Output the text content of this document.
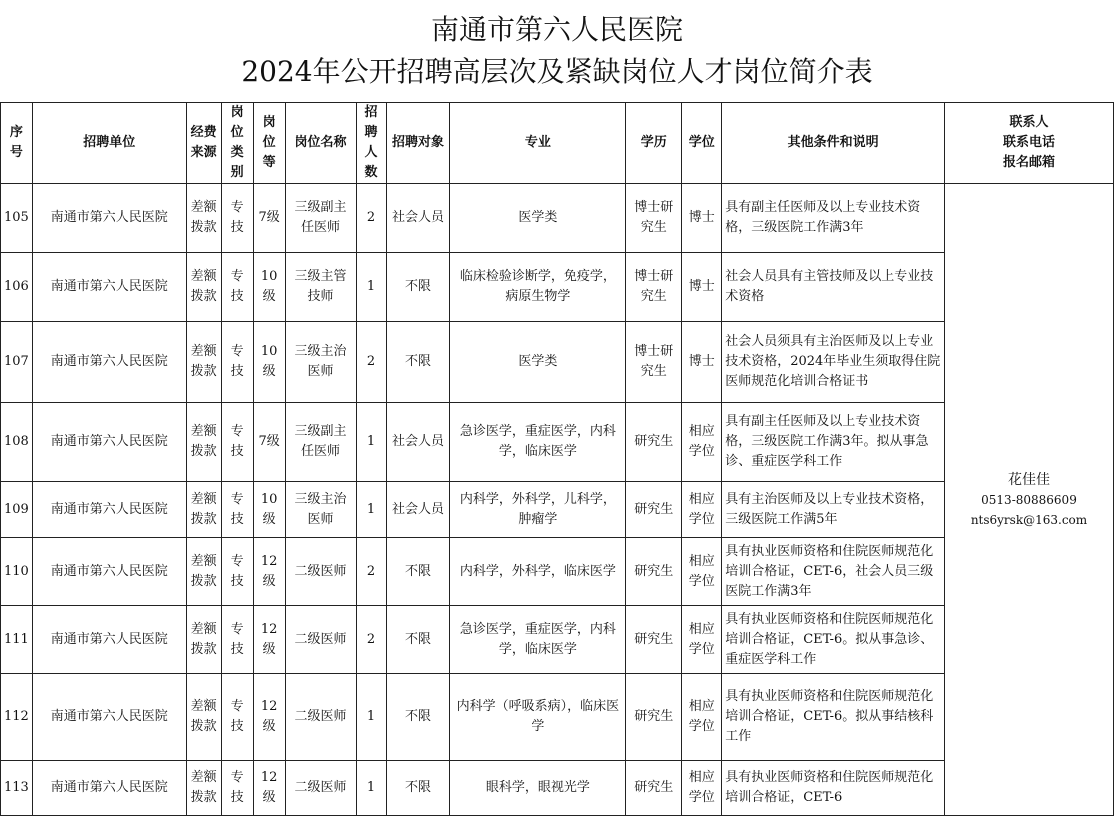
南通市第六人民医院
2024年公开招聘高层次及紧缺岗位人才岗位简介表
序号	招聘单位	经费来源	岗位类别	岗位等	岗位名称	招聘人数	招聘对象	专业	学历	学位	其他条件和说明	联系人
联系电话
报名邮箱

105	南通市第六人民医院	差额拨款	专技	7级	三级副主任医师	2	社会人员	医学类	博士研究生	博士	具有副主任医师及以上专业技术资格，三级医院工作满3年	花佳佳
0513-80886609
nts6yrsk@163.com

106	南通市第六人民医院	差额拨款	专技	10级	三级主管技师	1	不限	临床检验诊断学，免疫学，病原生物学	博士研究生	博士	社会人员具有主管技师及以上专业技术资格	
107	南通市第六人民医院	差额拨款	专技	10级	三级主治医师	2	不限	医学类	博士研究生	博士	社会人员须具有主治医师及以上专业技术资格，2024年毕业生须取得住院医师规范化培训合格证书	
108	南通市第六人民医院	差额拨款	专技	7级	三级副主任医师	1	社会人员	急诊医学，重症医学，内科学，临床医学	研究生	相应学位	具有副主任医师及以上专业技术资格，三级医院工作满3年。拟从事急诊、重症医学科工作	
109	南通市第六人民医院	差额拨款	专技	10级	三级主治医师	1	社会人员	内科学，外科学，儿科学，肿瘤学	研究生	相应学位	具有主治医师及以上专业技术资格，三级医院工作满5年	
110	南通市第六人民医院	差额拨款	专技	12级	二级医师	2	不限	内科学，外科学，临床医学	研究生	相应学位	具有执业医师资格和住院医师规范化培训合格证，CET-6，社会人员三级医院工作满3年	
111	南通市第六人民医院	差额拨款	专技	12级	二级医师	2	不限	急诊医学，重症医学，内科学，临床医学	研究生	相应学位	具有执业医师资格和住院医师规范化培训合格证，CET-6。拟从事急诊、重症医学科工作	
112	南通市第六人民医院	差额拨款	专技	12级	二级医师	1	不限	内科学（呼吸系病），临床医学	研究生	相应学位	具有执业医师资格和住院医师规范化培训合格证，CET-6。拟从事结核科工作	
113	南通市第六人民医院	差额拨款	专技	12级	二级医师	1	不限	眼科学，眼视光学	研究生	相应学位	具有执业医师资格和住院医师规范化培训合格证，CET-6	
